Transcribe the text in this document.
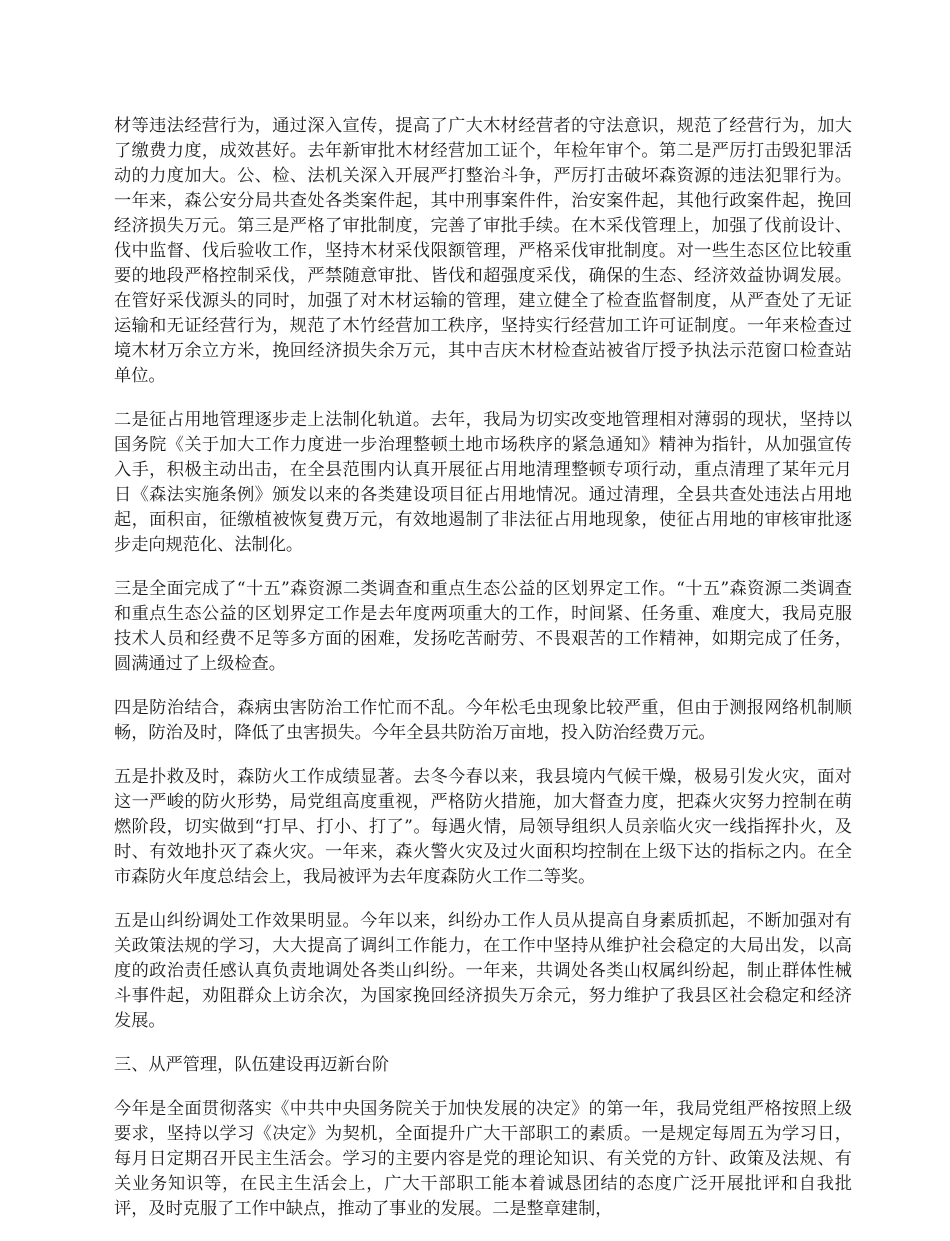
材等违法经营行为，通过深入宣传，提高了广大木材经营者的守法意识，规范了经营行为，加大了缴费力度，成效甚好。去年新审批木材经营加工证个，年检年审个。第二是严厉打击毁犯罪活动的力度加大。公、检、法机关深入开展严打整治斗争，严厉打击破坏森资源的违法犯罪行为。一年来，森公安分局共查处各类案件起，其中刑事案件件，治安案件起，其他行政案件起，挽回经济损失万元。第三是严格了审批制度，完善了审批手续。在木采伐管理上，加强了伐前设计、伐中监督、伐后验收工作，坚持木材采伐限额管理，严格采伐审批制度。对一些生态区位比较重要的地段严格控制采伐，严禁随意审批、皆伐和超强度采伐，确保的生态、经济效益协调发展。在管好采伐源头的同时，加强了对木材运输的管理，建立健全了检查监督制度，从严查处了无证运输和无证经营行为，规范了木竹经营加工秩序，坚持实行经营加工许可证制度。一年来检查过境木材万余立方米，挽回经济损失余万元，其中吉庆木材检查站被省厅授予执法示范窗口检查站单位。

二是征占用地管理逐步走上法制化轨道。去年，我局为切实改变地管理相对薄弱的现状，坚持以国务院《关于加大工作力度进一步治理整顿土地市场秩序的紧急通知》精神为指针，从加强宣传入手，积极主动出击，在全县范围内认真开展征占用地清理整顿专项行动，重点清理了某年元月日《森法实施条例》颁发以来的各类建设项目征占用地情况。通过清理，全县共查处违法占用地起，面积亩，征缴植被恢复费万元，有效地遏制了非法征占用地现象，使征占用地的审核审批逐步走向规范化、法制化。

三是全面完成了“十五”森资源二类调查和重点生态公益的区划界定工作。“十五”森资源二类调查和重点生态公益的区划界定工作是去年度两项重大的工作，时间紧、任务重、难度大，我局克服技术人员和经费不足等多方面的困难，发扬吃苦耐劳、不畏艰苦的工作精神，如期完成了任务，圆满通过了上级检查。

四是防治结合，森病虫害防治工作忙而不乱。今年松毛虫现象比较严重，但由于测报网络机制顺畅，防治及时，降低了虫害损失。今年全县共防治万亩地，投入防治经费万元。

五是扑救及时，森防火工作成绩显著。去冬今春以来，我县境内气候干燥，极易引发火灾，面对这一严峻的防火形势，局党组高度重视，严格防火措施，加大督查力度，把森火灾努力控制在萌燃阶段，切实做到“打早、打小、打了”。每遇火情，局领导组织人员亲临火灾一线指挥扑火，及时、有效地扑灭了森火灾。一年来，森火警火灾及过火面积均控制在上级下达的指标之内。在全市森防火年度总结会上，我局被评为去年度森防火工作二等奖。

五是山纠纷调处工作效果明显。今年以来，纠纷办工作人员从提高自身素质抓起，不断加强对有关政策法规的学习，大大提高了调纠工作能力，在工作中坚持从维护社会稳定的大局出发，以高度的政治责任感认真负责地调处各类山纠纷。一年来，共调处各类山权属纠纷起，制止群体性械斗事件起，劝阻群众上访余次，为国家挽回经济损失万余元，努力维护了我县区社会稳定和经济发展。

三、从严管理，队伍建设再迈新台阶

今年是全面贯彻落实《中共中央国务院关于加快发展的决定》的第一年，我局党组严格按照上级要求，坚持以学习《决定》为契机，全面提升广大干部职工的素质。一是规定每周五为学习日，每月日定期召开民主生活会。学习的主要内容是党的理论知识、有关党的方针、政策及法规、有关业务知识等，在民主生活会上，广大干部职工能本着诚恳团结的态度广泛开展批评和自我批评，及时克服了工作中缺点，推动了事业的发展。二是整章建制，
